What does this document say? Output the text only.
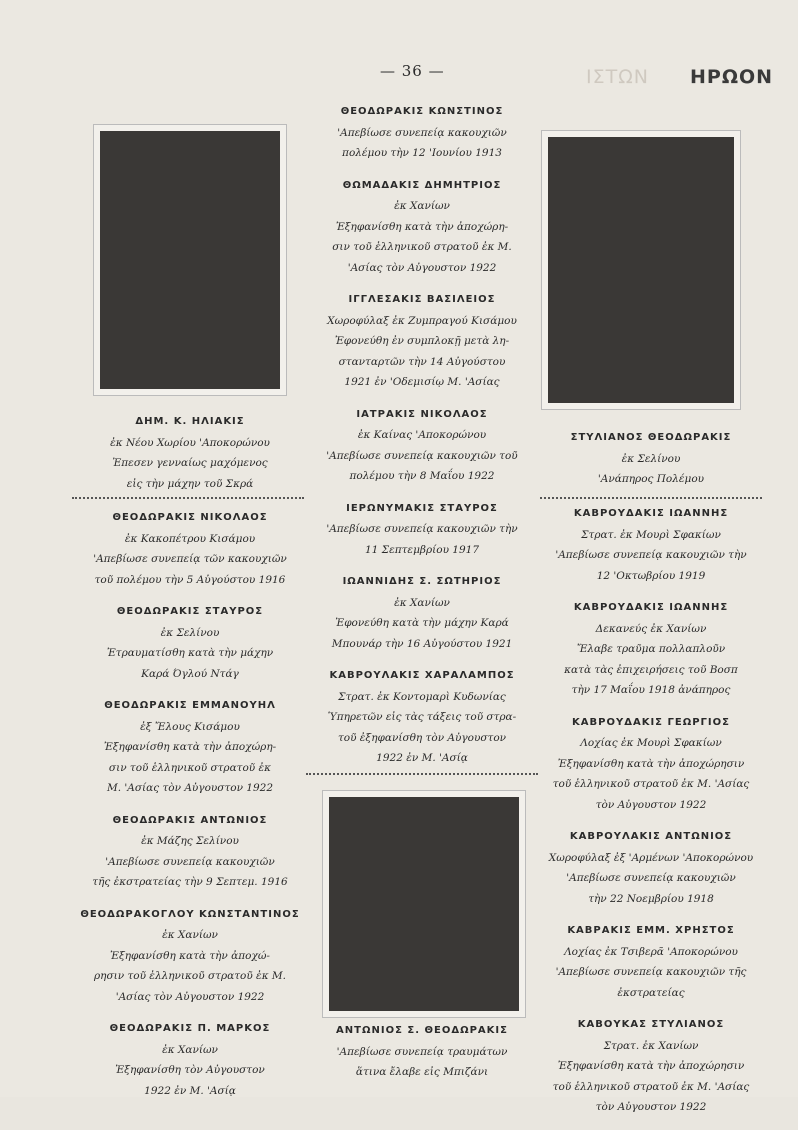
ΙΣΤΩΝ
— 36 —	ΗΡΩΟΝ
ΔΗΜ. Κ. ΗΛΙΑΚΙΣ
ἐκ Νέου Χωρίου 'Αποκορώνου
Ἐπεσεν γενναίως μαχόμενος
εἰς τὴν μάχην τοῦ Σκρά
ΘΕΟΔΩΡΑΚΙΣ ΝΙΚΟΛΑΟΣ
ἐκ Κακοπέτρου Κισάμου
'Απεβίωσε συνεπείᾳ τῶν κακουχιῶν
τοῦ πολέμου τὴν 5 Αὐγούστου 1916
ΘΕΟΔΩΡΑΚΙΣ ΣΤΑΥΡΟΣ
ἐκ Σελίνου
Ἐτραυματίσθη κατὰ τὴν μάχην
Καρά Όγλού Ντάγ
ΘΕΟΔΩΡΑΚΙΣ ΕΜΜΑΝΟΥΗΛ
ἐξ Ἔλους Κισάμου
Ἐξηφανίσθη κατὰ τὴν ἀποχώρη-
σιν τοῦ ἑλληνικοῦ στρατοῦ ἐκ
Μ. 'Ασίας τὸν Αὐγουστον 1922
ΘΕΟΔΩΡΑΚΙΣ ΑΝΤΩΝΙΟΣ
ἐκ Μάζης Σελίνου
'Απεβίωσε συνεπείᾳ κακουχιῶν
τῆς ἐκστρατείας τὴν 9 Σεπτεμ. 1916
ΘΕΟΔΩΡΑΚΟΓΛΟΥ ΚΩΝΣΤΑΝΤΙΝΟΣ
ἐκ Χανίων
Ἐξηφανίσθη κατὰ τὴν ἀποχώ-
ρησιν τοῦ ἑλληνικοῦ στρατοῦ ἐκ Μ.
'Ασίας τὸν Αὐγουστον 1922
ΘΕΟΔΩΡΑΚΙΣ Π. ΜΑΡΚΟΣ
ἐκ Χανίων
Ἐξηφανίσθη τὸν Αὐγουστον
1922 ἐν Μ. 'Ασίᾳ
ΘΕΟΔΩΡΑΚΙΣ ΚΩΝΣΤΙΝΟΣ
'Απεβίωσε συνεπείᾳ κακουχιῶν
πολέμου τὴν 12 'Ιουνίου 1913
ΘΩΜΑΔΑΚΙΣ ΔΗΜΗΤΡΙΟΣ
ἐκ Χανίων
Ἐξηφανίσθη κατὰ τὴν ἀποχώρη-
σιν τοῦ ἑλληνικοῦ στρατοῦ ἐκ Μ.
'Ασίας τὸν Αὐγουστον 1922
ΙΓΓΛΕΣΑΚΙΣ ΒΑΣΙΛΕΙΟΣ
Χωροφύλαξ ἐκ Ζυμπραγού Κισάμου
Ἐφονεύθη ἐν συμπλοκῇ μετὰ λη-
στανταρτῶν τὴν 14 Αὐγούστου
1921 ἐν 'Οδεμισίῳ Μ. 'Ασίας
ΙΑΤΡΑΚΙΣ ΝΙΚΟΛΑΟΣ
ἐκ Καίνας 'Αποκορώνου
'Απεβίωσε συνεπείᾳ κακουχιῶν τοῦ
πολέμου τὴν 8 Μαΐου 1922
ΙΕΡΩΝΥΜΑΚΙΣ ΣΤΑΥΡΟΣ
'Απεβίωσε συνεπείᾳ κακουχιῶν τὴν
11 Σεπτεμβρίου 1917
ΙΩΑΝΝΙΔΗΣ Σ. ΣΩΤΗΡΙΟΣ
ἐκ Χανίων
Ἐφονεύθη κατὰ τὴν μάχην Καρά
Μπουνάρ τὴν 16 Αὐγούστου 1921
ΚΑΒΡΟΥΛΑΚΙΣ ΧΑΡΑΛΑΜΠΟΣ
Στρατ. ἐκ Κοντομαρὶ Κυδωνίας
Ὑπηρετῶν εἰς τὰς τάξεις τοῦ στρα-
τοῦ ἐξηφανίσθη τὸν Αὐγουστον
1922 ἐν Μ. 'Ασίᾳ
ΑΝΤΩΝΙΟΣ Σ. ΘΕΟΔΩΡΑΚΙΣ
'Απεβίωσε συνεπείᾳ τραυμάτων
ἅτινα ἔλαβε εἰς Μπιζάνι
ΣΤΥΛΙΑΝΟΣ ΘΕΟΔΩΡΑΚΙΣ
ἐκ Σελίνου
'Ανάπηρος Πολέμου
ΚΑΒΡΟΥΔΑΚΙΣ ΙΩΑΝΝΗΣ
Στρατ. ἐκ Μουρὶ Σφακίων
'Απεβίωσε συνεπείᾳ κακουχιῶν τὴν
12 'Οκτωβρίου 1919
ΚΑΒΡΟΥΔΑΚΙΣ ΙΩΑΝΝΗΣ
Δεκανεύς ἐκ Χανίων
Ἔλαβε τραῦμα πολλαπλοῦν
κατὰ τὰς ἐπιχειρήσεις τοῦ Βοσπ
τὴν 17 Μαΐου 1918 ἀνάπηρος
ΚΑΒΡΟΥΔΑΚΙΣ ΓΕΩΡΓΙΟΣ
Λοχίας ἐκ Μουρὶ Σφακίων
Ἐξηφανίσθη κατὰ τὴν ἀποχώρησιν
τοῦ ἑλληνικοῦ στρατοῦ ἐκ Μ. 'Ασίας
τὸν Αὐγουστον 1922
ΚΑΒΡΟΥΛΑΚΙΣ ΑΝΤΩΝΙΟΣ
Χωροφύλαξ ἐξ 'Αρμένων 'Αποκορώνου
'Απεβίωσε συνεπείᾳ κακουχιῶν
τὴν 22 Νοεμβρίου 1918
ΚΑΒΡΑΚΙΣ ΕΜΜ. ΧΡΗΣΤΟΣ
Λοχίας ἐκ Τσιβερᾶ 'Αποκορώνου
'Απεβίωσε συνεπείᾳ κακουχιῶν τῆς
ἐκστρατείας
ΚΑΒΟΥΚΑΣ ΣΤΥΛΙΑΝΟΣ
Στρατ. ἐκ Χανίων
Ἐξηφανίσθη κατὰ τὴν ἀποχώρησιν
τοῦ ἑλληνικοῦ στρατοῦ ἐκ Μ. 'Ασίας
τὸν Αὐγουστον 1922
